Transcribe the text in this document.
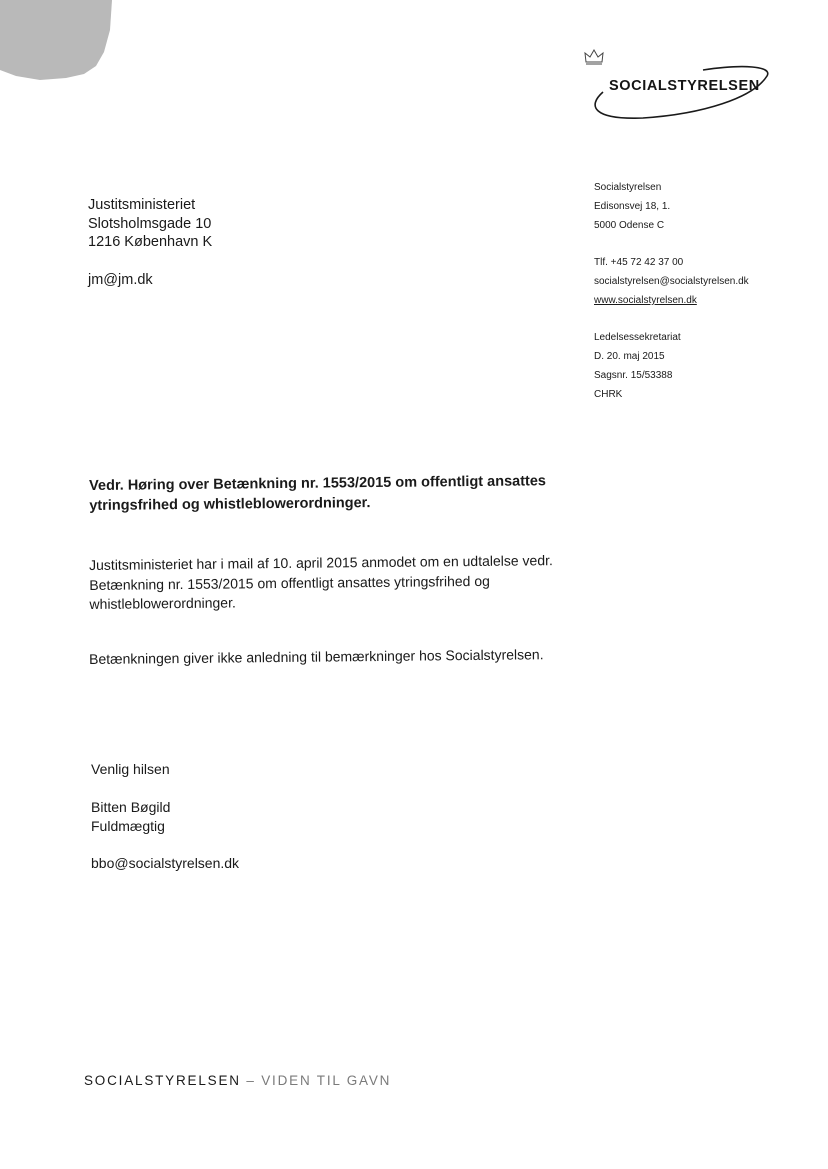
SOCIALSTYRELSEN
Justitsministeriet
Slotsholmsgade 10
1216 København K
jm@jm.dk
Socialstyrelsen
Edisonsvej 18, 1.
5000 Odense C
Tlf. +45 72 42 37 00
socialstyrelsen@socialstyrelsen.dk
www.socialstyrelsen.dk
Ledelsessekretariat
D. 20. maj 2015
Sagsnr. 15/53388
CHRK
Vedr. Høring over Betænkning nr. 1553/2015 om offentligt ansattes ytringsfrihed og whistleblowerordninger.
Justitsministeriet har i mail af 10. april 2015 anmodet om en udtalelse vedr. Betænkning nr. 1553/2015 om offentligt ansattes ytringsfrihed og whistleblowerordninger.
Betænkningen giver ikke anledning til bemærkninger hos Socialstyrelsen.
Venlig hilsen
Bitten Bøgild
Fuldmægtig
bbo@socialstyrelsen.dk
SOCIALSTYRELSEN – VIDEN TIL GAVN
